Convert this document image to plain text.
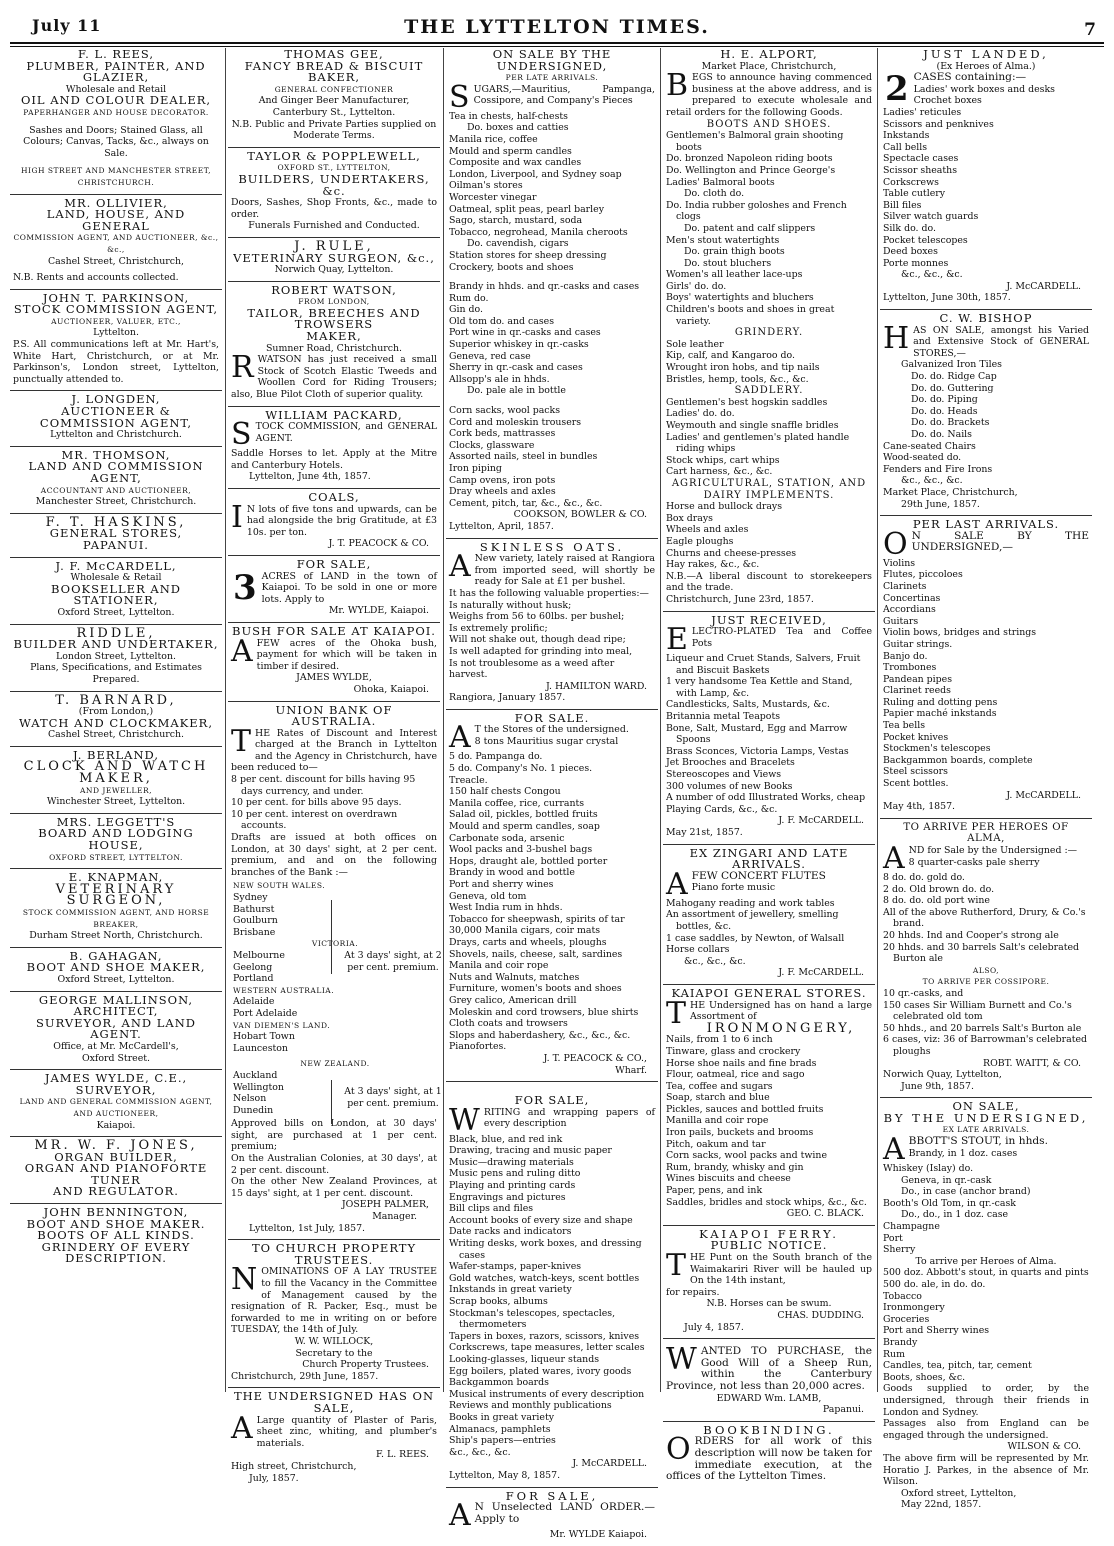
July 11	THE LYTTELTON TIMES.	7

F. L. REES,

PLUMBER, PAINTER, AND GLAZIER,

Wholesale and Retail

OIL AND COLOUR DEALER,

PAPERHANGER AND HOUSE DECORATOR.

Sashes and Doors; Stained Glass, all Colours; Canvas, Tacks, &c., always on Sale.

HIGH STREET AND MANCHESTER STREET, CHRISTCHURCH.

MR. OLLIVIER,

LAND, HOUSE, AND GENERAL

COMMISSION AGENT, AND AUCTIONEER, &c., &c.,

Cashel Street, Christchurch,

N.B. Rents and accounts collected.

JOHN T. PARKINSON,

STOCK COMMISSION AGENT,

AUCTIONEER, VALUER, ETC.,

Lyttelton.

P.S. All communications left at Mr. Hart's, White Hart, Christchurch, or at Mr. Parkinson's, London street, Lyttelton, punctually attended to.

J. LONGDEN,

AUCTIONEER & COMMISSION AGENT,

Lyttelton and Christchurch.

MR. THOMSON,

LAND AND COMMISSION AGENT,

ACCOUNTANT AND AUCTIONEER,

Manchester Street, Christchurch.

F. T. HASKINS,

GENERAL STORES,

PAPANUI.

J. F. McCARDELL,

Wholesale & Retail

BOOKSELLER AND STATIONER,

Oxford Street, Lyttelton.

RIDDLE,

BUILDER AND UNDERTAKER,

London Street, Lyttelton.

Plans, Specifications, and Estimates Prepared.

T. BARNARD,

(From London,)

WATCH AND CLOCKMAKER,

Cashel Street, Christchurch.

J. BERLAND,

CLOCK AND WATCH MAKER,

AND JEWELLER,

Winchester Street, Lyttelton.

MRS. LEGGETT'S

BOARD AND LODGING HOUSE,

OXFORD STREET, LYTTELTON.

E. KNAPMAN,

VETERINARY SURGEON,

STOCK COMMISSION AGENT, AND HORSE

BREAKER,

Durham Street North, Christchurch.

B. GAHAGAN,

BOOT AND SHOE MAKER,

Oxford Street, Lyttelton.

GEORGE MALLINSON,

ARCHITECT,

SURVEYOR, AND LAND AGENT.

Office, at Mr. McCardell's,

Oxford Street.

JAMES WYLDE, C.E.,

SURVEYOR,

LAND AND GENERAL COMMISSION AGENT,

AND AUCTIONEER,

Kaiapoi.

MR. W. F. JONES,

ORGAN BUILDER,

ORGAN AND PIANOFORTE TUNER

AND REGULATOR.

JOHN BENNINGTON,

BOOT AND SHOE MAKER.

BOOTS OF ALL KINDS.

GRINDERY OF EVERY DESCRIPTION.

THOMAS GEE,

FANCY BREAD & BISCUIT BAKER,

GENERAL CONFECTIONER

And Ginger Beer Manufacturer,

Canterbury St., Lyttelton.

N.B. Public and Private Parties supplied on Moderate Terms.

TAYLOR & POPPLEWELL,

OXFORD ST., LYTTELTON,

BUILDERS, UNDERTAKERS, &c.

Doors, Sashes, Shop Fronts, &c., made to order.

Funerals Furnished and Conducted.

J. RULE,

VETERINARY SURGEON, &c.,

Norwich Quay, Lyttelton.

ROBERT WATSON,

FROM LONDON,

TAILOR, BREECHES AND TROWSERS

MAKER,

Sumner Road, Christchurch.

RWATSON has just received a small Stock of Scotch Elastic Tweeds and Woollen Cord for Riding Trousers; also, Blue Pilot Cloth of superior quality.

WILLIAM PACKARD,

STOCK COMMISSION, and GENERAL AGENT.

Saddle Horses to let. Apply at the Mitre and Canterbury Hotels.

Lyttelton, June 4th, 1857.

COALS,

I N lots of five tons and upwards, can be had alongside the brig Gratitude, at £3 10s. per ton.

J. T. PEACOCK & CO.

FOR SALE,

3 ACRES of LAND in the town of Kaiapoi. To be sold in one or more lots. Apply to

Mr. WYLDE, Kaiapoi.

BUSH FOR SALE AT KAIAPOI.

AFEW acres of the Ohoka bush, payment for which will be taken in timber if desired.

JAMES WYLDE,

Ohoka, Kaiapoi.

UNION BANK OF AUSTRALIA.

THE Rates of Discount and Interest charged at the Branch in Lyttelton and the Agency in Christchurch, have been reduced to—

8 per cent. discount for bills having 95 days currency, and under.

10 per cent. for bills above 95 days.

10 per cent. interest on overdrawn accounts.

Drafts are issued at both offices on London, at 30 days' sight, at 2 per cent. premium, and and on the following branches of the Bank :—

NEW SOUTH WALES.

Sydney

Bathurst

Goulburn

Brisbane

VICTORIA.

Melbourne

Geelong

Portland

WESTERN AUSTRALIA.

Adelaide

Port Adelaide

VAN DIEMEN'S LAND.

Hobart Town

Launceston

NEW ZEALAND.

Auckland

Wellington

Nelson

Dunedin

At 3 days' sight, at 2 per cent. premium.

At 3 days' sight, at 1 per cent. premium.

Approved bills on London, at 30 days' sight, are purchased at 1 per cent. premium;

On the Australian Colonies, at 30 days', at 2 per cent. discount.

On the other New Zealand Provinces, at 15 days' sight, at 1 per cent. discount.

JOSEPH PALMER,

Manager.

Lyttelton, 1st July, 1857.

TO CHURCH PROPERTY TRUSTEES.

NOMINATIONS OF A LAY TRUSTEE to fill the Vacancy in the Committee of Management caused by the resignation of R. Packer, Esq., must be forwarded to me in writing on or before TUESDAY, the 14th of July.

W. W. WILLOCK,

Secretary to the

Church Property Trustees.

Christchurch, 29th June, 1857.

THE UNDERSIGNED HAS ON SALE,

A Large quantity of Plaster of Paris, sheet zinc, whiting, and plumber's materials.

F. L. REES.

High street, Christchurch,

July, 1857.

ON SALE BY THE UNDERSIGNED,

PER LATE ARRIVALS.

SUGARS,—Mauritius, Pampanga, Cossipore, and Company's Pieces

Tea in chests, half-chests

Do. boxes and catties

Manila rice, coffee

Mould and sperm candles

Composite and wax candles

London, Liverpool, and Sydney soap

Oilman's stores

Worcester vinegar

Oatmeal, split peas, pearl barley

Sago, starch, mustard, soda

Tobacco, negrohead, Manila cheroots

Do. cavendish, cigars

Station stores for sheep dressing

Crockery, boots and shoes

Brandy in hhds. and qr.-casks and cases

Rum do.

Gin do.

Old tom do. and cases

Port wine in qr.-casks and cases

Superior whiskey in qr.-casks

Geneva, red case

Sherry in qr.-cask and cases

Allsopp's ale in hhds.

Do. pale ale in bottle

Corn sacks, wool packs

Cord and moleskin trousers

Cork beds, mattrasses

Clocks, glassware

Assorted nails, steel in bundles

Iron piping

Camp ovens, iron pots

Dray wheels and axles

Cement, pitch, tar, &c., &c., &c.

COOKSON, BOWLER & CO.

Lyttelton, April, 1857.

SKINLESS OATS.

A New variety, lately raised at Rangiora from imported seed, will shortly be ready for Sale at £1 per bushel.

It has the following valuable properties:—

Is naturally without husk;

Weighs from 56 to 60lbs. per bushel;

Is extremely prolific;

Will not shake out, though dead ripe;

Is well adapted for grinding into meal,

Is not troublesome as a weed after harvest.

J. HAMILTON WARD.

Rangiora, January 1857.

FOR SALE.

A T the Stores of the undersigned.

8 tons Mauritius sugar crystal

5 do. Pampanga do.

5 do. Company's No. 1 pieces.

Treacle.

150 half chests Congou

Manila coffee, rice, currants

Salad oil, pickles, bottled fruits

Mould and sperm candles, soap

Carbonate soda, arsenic

Wool packs and 3-bushel bags

Hops, draught ale, bottled porter

Brandy in wood and bottle

Port and sherry wines

Geneva, old tom

West India rum in hhds.

Tobacco for sheepwash, spirits of tar

30,000 Manila cigars, coir mats

Drays, carts and wheels, ploughs

Shovels, nails, cheese, salt, sardines

Manila and coir rope

Nuts and Walnuts, matches

Furniture, women's boots and shoes

Grey calico, American drill

Moleskin and cord trowsers, blue shirts

Cloth coats and trowsers

Slops and haberdashery, &c., &c., &c.

Pianofortes.

J. T. PEACOCK & CO.,

Wharf.

FOR SALE,

WRITING and wrapping papers of every description

Black, blue, and red ink

Drawing, tracing and music paper

Music—drawing materials

Music pens and ruling ditto

Playing and printing cards

Engravings and pictures

Bill clips and files

Account books of every size and shape

Date racks and indicators

Writing desks, work boxes, and dressing cases

Wafer-stamps, paper-knives

Gold watches, watch-keys, scent bottles

Inkstands in great variety

Scrap books, albums

Stockman's telescopes, spectacles, thermometers

Tapers in boxes, razors, scissors, knives

Corkscrews, tape measures, letter scales

Looking-glasses, liqueur stands

Egg boilers, plated wares, ivory goods

Backgammon boards

Musical instruments of every description

Reviews and monthly publications

Books in great variety

Almanacs, pamphlets

Ship's papers—entries

&c., &c., &c.

J. McCARDELL.

Lyttelton, May 8, 1857.

FOR SALE,

A N Unselected LAND ORDER.—Apply to

Mr. WYLDE Kaiapoi.

H. E. ALPORT,

Market Place, Christchurch,

BEGS to announce having commenced business at the above address, and is prepared to execute wholesale and retail orders for the following Goods.

BOOTS AND SHOES.

Gentlemen's Balmoral grain shooting boots

Do. bronzed Napoleon riding boots

Do. Wellington and Prince George's

Ladies' Balmoral boots

Do. cloth do.

Do. India rubber goloshes and French clogs

Do. patent and calf slippers

Men's stout watertights

Do. grain thigh boots

Do. stout bluchers

Women's all leather lace-ups

Girls' do. do.

Boys' watertights and bluchers

Children's boots and shoes in great variety.

GRINDERY.

Sole leather

Kip, calf, and Kangaroo do.

Wrought iron hobs, and tip nails

Bristles, hemp, tools, &c., &c.

SADDLERY.

Gentlemen's best hogskin saddles

Ladies' do. do.

Weymouth and single snaffle bridles

Ladies' and gentlemen's plated handle riding whips

Stock whips, cart whips

Cart harness, &c., &c.

AGRICULTURAL, STATION, AND DAIRY IMPLEMENTS.

Horse and bullock drays

Box drays

Wheels and axles

Eagle ploughs

Churns and cheese-presses

Hay rakes, &c., &c.

N.B.—A liberal discount to storekeepers and the trade.

Christchurch, June 23rd, 1857.

JUST RECEIVED,

ELECTRO-PLATED Tea and Coffee Pots

Liqueur and Cruet Stands, Salvers, Fruit and Biscuit Baskets

1 very handsome Tea Kettle and Stand, with Lamp, &c.

Candlesticks, Salts, Mustards, &c.

Britannia metal Teapots

Bone, Salt, Mustard, Egg and Marrow Spoons

Brass Sconces, Victoria Lamps, Vestas

Jet Brooches and Bracelets

Stereoscopes and Views

300 volumes of new Books

A number of odd Illustrated Works, cheap

Playing Cards, &c., &c.

J. F. McCARDELL.

May 21st, 1857.

EX ZINGARI AND LATE ARRIVALS.

AFEW CONCERT FLUTES

Piano forte music

Mahogany reading and work tables

An assortment of jewellery, smelling bottles, &c.

1 case saddles, by Newton, of Walsall

Horse collars

&c., &c., &c.

J. F. McCARDELL.

KAIAPOI GENERAL STORES.

THE Undersigned has on hand a large Assortment of

IRONMONGERY,

Nails, from 1 to 6 inch

Tinware, glass and crockery

Horse shoe nails and fine brads

Flour, oatmeal, rice and sago

Tea, coffee and sugars

Soap, starch and blue

Pickles, sauces and bottled fruits

Manilla and coir rope

Iron pails, buckets and brooms

Pitch, oakum and tar

Corn sacks, wool packs and twine

Rum, brandy, whisky and gin

Wines biscuits and cheese

Paper, pens, and ink

Saddles, bridles and stock whips, &c., &c.

GEO. C. BLACK.

KAIAPOI FERRY.

PUBLIC NOTICE.

THE Punt on the South branch of the Waimakariri River will be hauled up On the 14th instant,

for repairs.

N.B. Horses can be swum.

CHAS. DUDDING.

July 4, 1857.

WANTED TO PURCHASE, the Good Will of a Sheep Run, within the Canterbury Province, not less than 20,000 acres.

EDWARD Wm. LAMB,

Papanui.

BOOKBINDING.

ORDERS for all work of this description will now be taken for immediate execution, at the offices of the Lyttelton Times.

JUST LANDED,

(Ex Heroes of Alma.)

2 CASES containing:—

Ladies' work boxes and desks

Crochet boxes

Ladies' reticules

Scissors and penknives

Inkstands

Call bells

Spectacle cases

Scissor sheaths

Corkscrews

Table cutlery

Bill files

Silver watch guards

Silk do. do.

Pocket telescopes

Deed boxes

Porte monnes

&c., &c., &c.

J. McCARDELL.

Lyttelton, June 30th, 1857.

C. W. BISHOP

HAS ON SALE, amongst his Varied and Extensive Stock of GENERAL STORES,—

Galvanized Iron Tiles

Do. do. Ridge Cap

Do. do. Guttering

Do. do. Piping

Do. do. Heads

Do. do. Brackets

Do. do. Nails

Cane-seated Chairs

Wood-seated do.

Fenders and Fire Irons

&c., &c., &c.

Market Place, Christchurch,

29th June, 1857.

PER LAST ARRIVALS.

O N SALE BY THE UNDERSIGNED,—

Violins

Flutes, piccoloes

Clarinets

Concertinas

Accordians

Guitars

Violin bows, bridges and strings

Guitar strings.

Banjo do.

Trombones

Pandean pipes

Clarinet reeds

Ruling and dotting pens

Papier maché inkstands

Tea bells

Pocket knives

Stockmen's telescopes

Backgammon boards, complete

Steel scissors

Scent bottles.

J. McCARDELL.

May 4th, 1857.

TO ARRIVE PER HEROES OF ALMA,

AND for Sale by the Undersigned :—

8 quarter-casks pale sherry

8 do. do. gold do.

2 do. Old brown do. do.

8 do. do. old port wine

All of the above Rutherford, Drury, & Co.'s brand.

20 hhds. Ind and Cooper's strong ale

20 hhds. and 30 barrels Salt's celebrated Burton ale

ALSO,

TO ARRIVE PER COSSIPORE.

10 qr.-casks, and

150 cases Sir William Burnett and Co.'s celebrated old tom

50 hhds., and 20 barrels Salt's Burton ale

6 cases, viz: 36 of Barrowman's celebrated ploughs

ROBT. WAITT, & CO.

Norwich Quay, Lyttelton,

June 9th, 1857.

ON SALE,

BY THE UNDERSIGNED,

EX LATE ARRIVALS.

ABBOTT'S STOUT, in hhds.

Brandy, in 1 doz. cases

Whiskey (Islay) do.

Geneva, in qr.-cask

Do., in case (anchor brand)

Booth's Old Tom, in qr.-cask

Do., do., in 1 doz. case

Champagne

Port

Sherry

To arrive per Heroes of Alma.

500 doz. Abbott's stout, in quarts and pints

500 do. ale, in do. do.

Tobacco

Ironmongery

Groceries

Port and Sherry wines

Brandy

Rum

Candles, tea, pitch, tar, cement

Boots, shoes, &c.

Goods supplied to order, by the undersigned, through their friends in London and Sydney.

Passages also from England can be engaged through the undersigned.

WILSON & CO.

The above firm will be represented by Mr. Horatio J. Parkes, in the absence of Mr. Wilson.

Oxford street, Lyttelton,

May 22nd, 1857.
